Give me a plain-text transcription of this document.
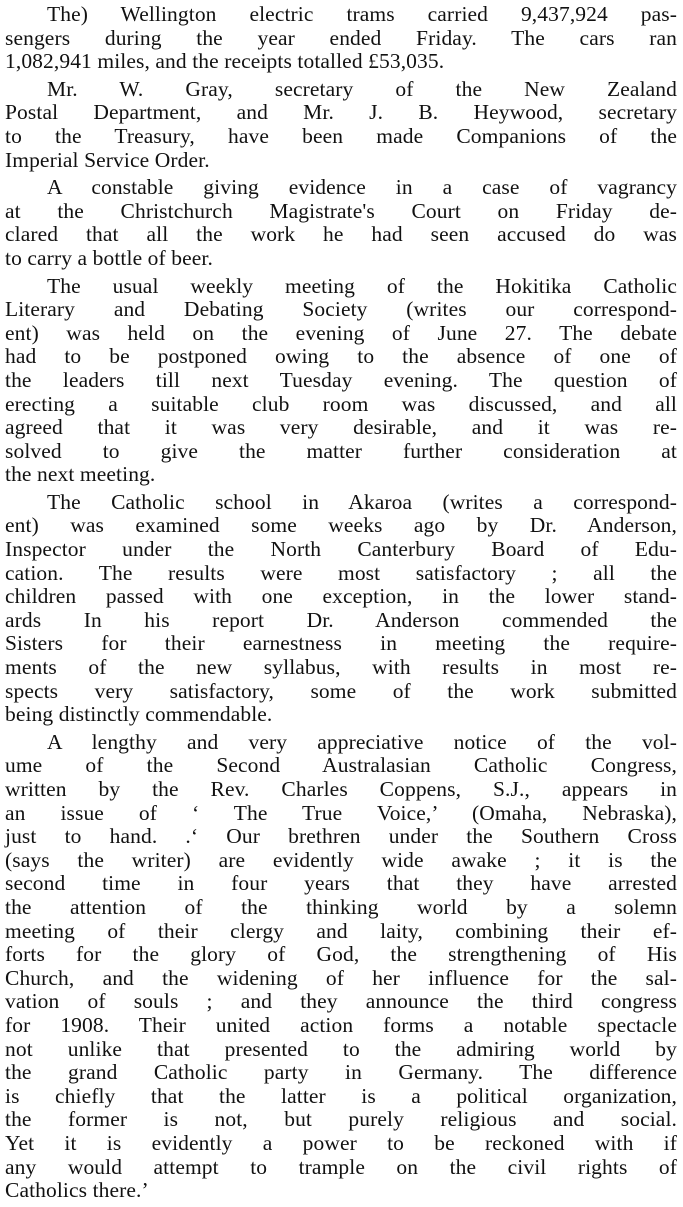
The) Wellington electric trams carried 9,437,924 pas-
sengers during the year ended Friday. The cars ran
1,082,941 miles, and the receipts totalled £53,035.
Mr. W. Gray, secretary of the New Zealand
Postal Department, and Mr. J. B. Heywood, secretary
to the Treasury, have been made Companions of the
Imperial Service Order.
A constable giving evidence in a case of vagrancy
at the Christchurch Magistrate's Court on Friday de-
clared that all the work he had seen accused do was
to carry a bottle of beer.
The usual weekly meeting of the Hokitika Catholic
Literary and Debating Society (writes our correspond-
ent) was held on the evening of June 27. The debate
had to be postponed owing to the absence of one of
the leaders till next Tuesday evening. The question of
erecting a suitable club room was discussed, and all
agreed that it was very desirable, and it was re-
solved to give the matter further consideration at
the next meeting.
The Catholic school in Akaroa (writes a correspond-
ent) was examined some weeks ago by Dr. Anderson,
Inspector under the North Canterbury Board of Edu-
cation. The results were most satisfactory ; all the
children passed with one exception, in the lower stand-
ards In his report Dr. Anderson commended the
Sisters for their earnestness in meeting the require-
ments of the new syllabus, with results in most re-
spects very satisfactory, some of the work submitted
being distinctly commendable.
A lengthy and very appreciative notice of the vol-
ume of the Second Australasian Catholic Congress,
written by the Rev. Charles Coppens, S.J., appears in
an issue of ‘ The True Voice,’ (Omaha, Nebraska),
just to hand. .‘ Our brethren under the Southern Cross
(says the writer) are evidently wide awake ; it is the
second time in four years that they have arrested
the attention of the thinking world by a solemn
meeting of their clergy and laity, combining their ef-
forts for the glory of God, the strengthening of His
Church, and the widening of her influence for the sal-
vation of souls ; and they announce the third congress
for 1908. Their united action forms a notable spectacle
not unlike that presented to the admiring world by
the grand Catholic party in Germany. The difference
is chiefly that the latter is a political organization,
the former is not, but purely religious and social.
Yet it is evidently a power to be reckoned with if
any would attempt to trample on the civil rights of
Catholics there.’
